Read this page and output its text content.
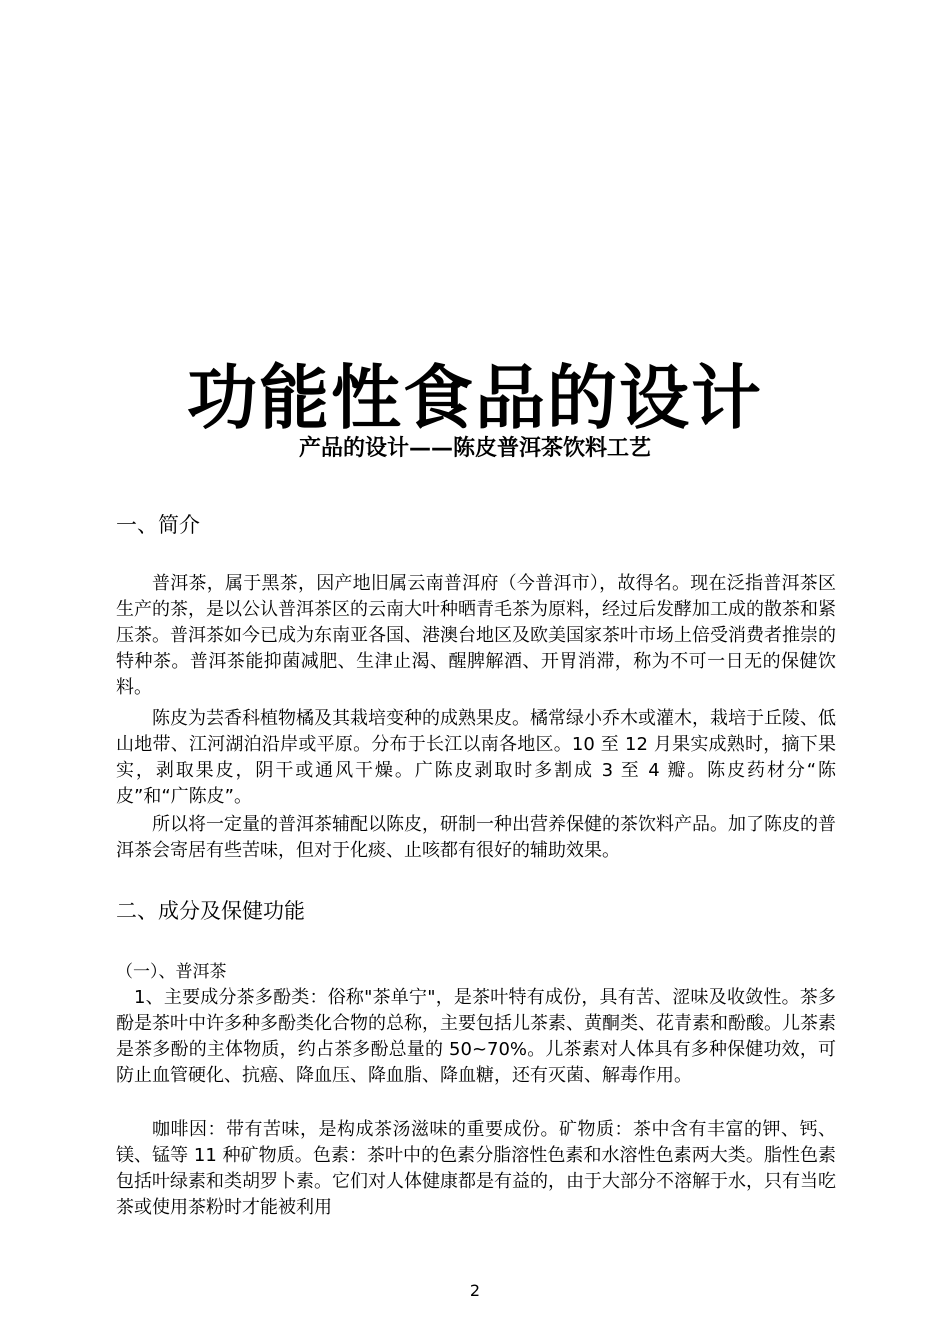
功能性食品的设计
产品的设计——陈皮普洱茶饮料工艺
一、简介

普洱茶，属于黑茶，因产地旧属云南普洱府（今普洱市），故得名。现在泛指普洱茶区生产的茶，是以公认普洱茶区的云南大叶种晒青毛茶为原料，经过后发酵加工成的散茶和紧压茶。普洱茶如今已成为东南亚各国、港澳台地区及欧美国家茶叶市场上倍受消费者推崇的特种茶。普洱茶能抑菌减肥、生津止渴、醒脾解酒、开胃消滞，称为不可一日无的保健饮料。

陈皮为芸香科植物橘及其栽培变种的成熟果皮。橘常绿小乔木或灌木，栽培于丘陵、低山地带、江河湖泊沿岸或平原。分布于长江以南各地区。10 至 12 月果实成熟时，摘下果实，剥取果皮，阴干或通风干燥。广陈皮剥取时多割成 3 至 4 瓣。陈皮药材分“陈皮”和“广陈皮”。

所以将一定量的普洱茶辅配以陈皮，研制一种出营养保健的茶饮料产品。加了陈皮的普洱茶会寄居有些苦味，但对于化痰、止咳都有很好的辅助效果。

二、成分及保健功能
（一）、普洱茶

1、主要成分茶多酚类：俗称"茶单宁"，是茶叶特有成份，具有苦、涩味及收敛性。茶多酚是茶叶中许多种多酚类化合物的总称，主要包括儿茶素、黄酮类、花青素和酚酸。儿茶素是茶多酚的主体物质，约占茶多酚总量的 50~70%。儿茶素对人体具有多种保健功效，可防止血管硬化、抗癌、降血压、降血脂、降血糖，还有灭菌、解毒作用。

咖啡因：带有苦味，是构成茶汤滋味的重要成份。矿物质：茶中含有丰富的钾、钙、镁、锰等 11 种矿物质。色素：茶叶中的色素分脂溶性色素和水溶性色素两大类。脂性色素包括叶绿素和类胡罗卜素。它们对人体健康都是有益的，由于大部分不溶解于水，只有当吃茶或使用茶粉时才能被利用

2
